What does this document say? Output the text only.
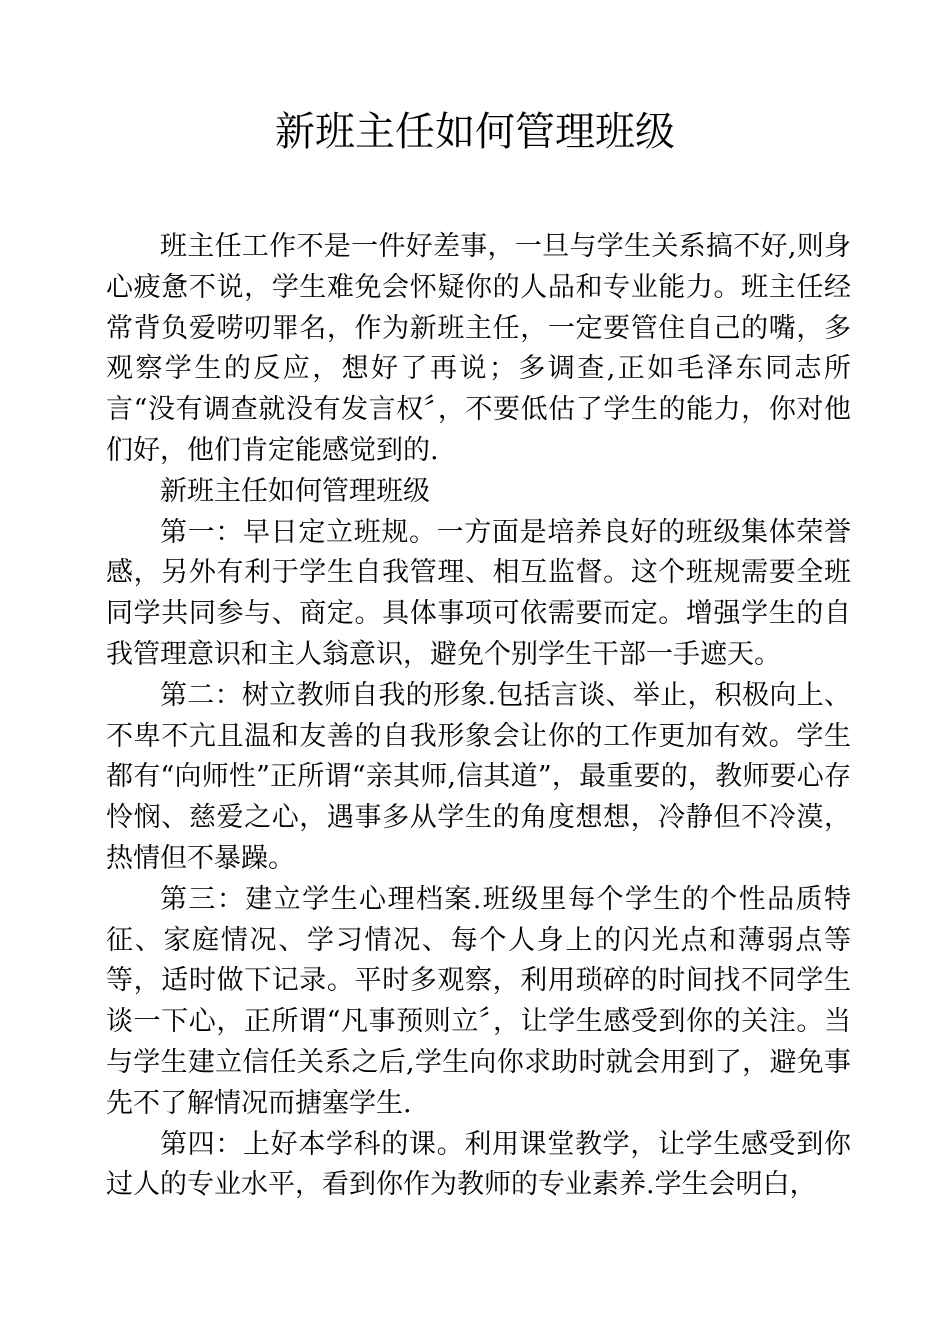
新班主任如何管理班级

班主任工作不是一件好差事，一旦与学生关系搞不好,则身心疲惫不说，学生难免会怀疑你的人品和专业能力。班主任经常背负爱唠叨罪名，作为新班主任，一定要管住自己的嘴，多观察学生的反应，想好了再说；多调查,正如毛泽东同志所言“没有调查就没有发言权〞，不要低估了学生的能力，你对他们好，他们肯定能感觉到的.

新班主任如何管理班级

第一：早日定立班规。一方面是培养良好的班级集体荣誉感，另外有利于学生自我管理、相互监督。这个班规需要全班同学共同参与、商定。具体事项可依需要而定。增强学生的自我管理意识和主人翁意识，避免个别学生干部一手遮天。

第二：树立教师自我的形象.包括言谈、举止，积极向上、不卑不亢且温和友善的自我形象会让你的工作更加有效。学生都有“向师性”正所谓“亲其师,信其道”，最重要的，教师要心存怜悯、慈爱之心，遇事多从学生的角度想想，冷静但不冷漠，热情但不暴躁。

第三：建立学生心理档案.班级里每个学生的个性品质特征、家庭情况、学习情况、每个人身上的闪光点和薄弱点等等，适时做下记录。平时多观察，利用琐碎的时间找不同学生谈一下心，正所谓“凡事预则立〞，让学生感受到你的关注。当与学生建立信任关系之后,学生向你求助时就会用到了，避免事先不了解情况而搪塞学生.

第四：上好本学科的课。利用课堂教学，让学生感受到你过人的专业水平，看到你作为教师的专业素养.学生会明白，
